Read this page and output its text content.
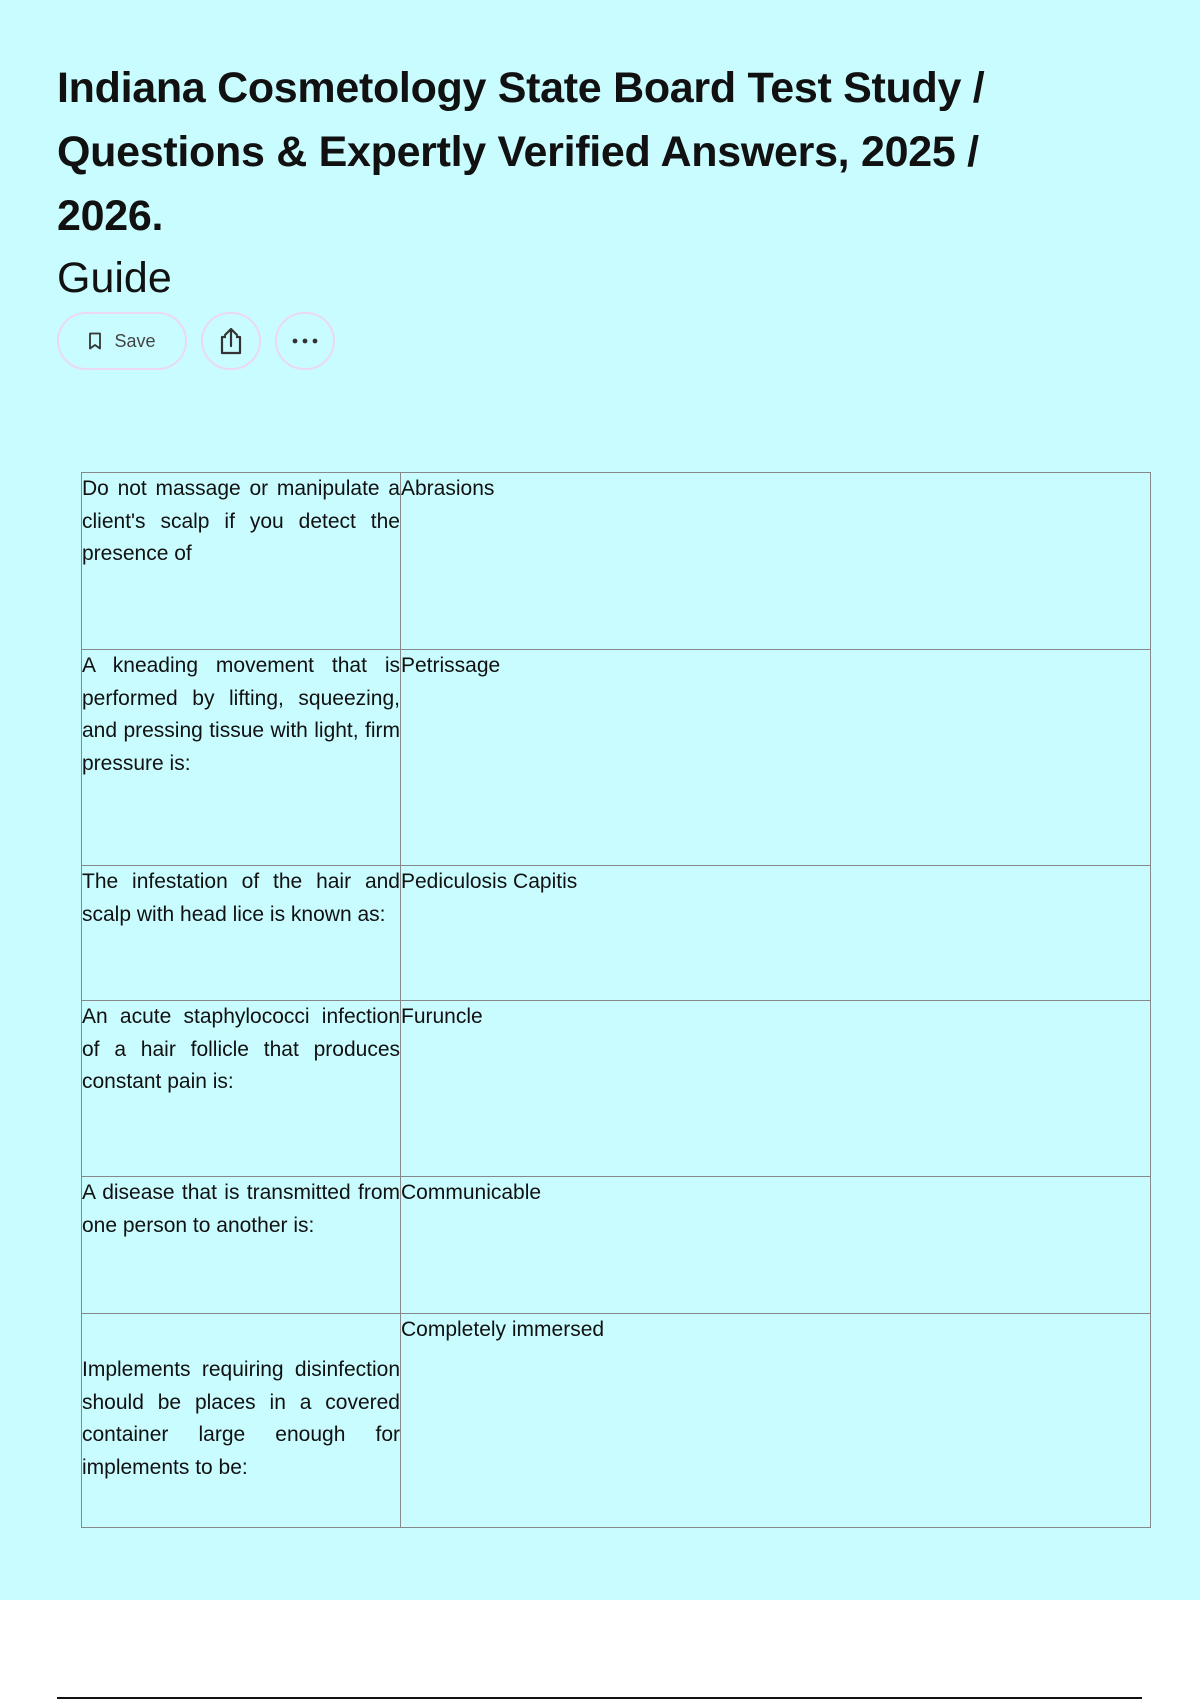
Indiana Cosmetology State Board Test Study / Questions & Expertly Verified Answers, 2025 / 2026.
Guide
Save
Do not massage or manipulate a client's scalp if you detect the presence of	Abrasions

A kneading movement that is performed by lifting, squeezing, and pressing tissue with light, firm pressure is:	Petrissage

The infestation of the hair and scalp with head lice is known as:	Pediculosis Capitis

An acute staphylococci infection of a hair follicle that produces constant pain is:	Furuncle

A disease that is transmitted from one person to another is:	Communicable

Implements requiring disinfection should be places in a covered container large enough for implements to be:	Completely immersed
